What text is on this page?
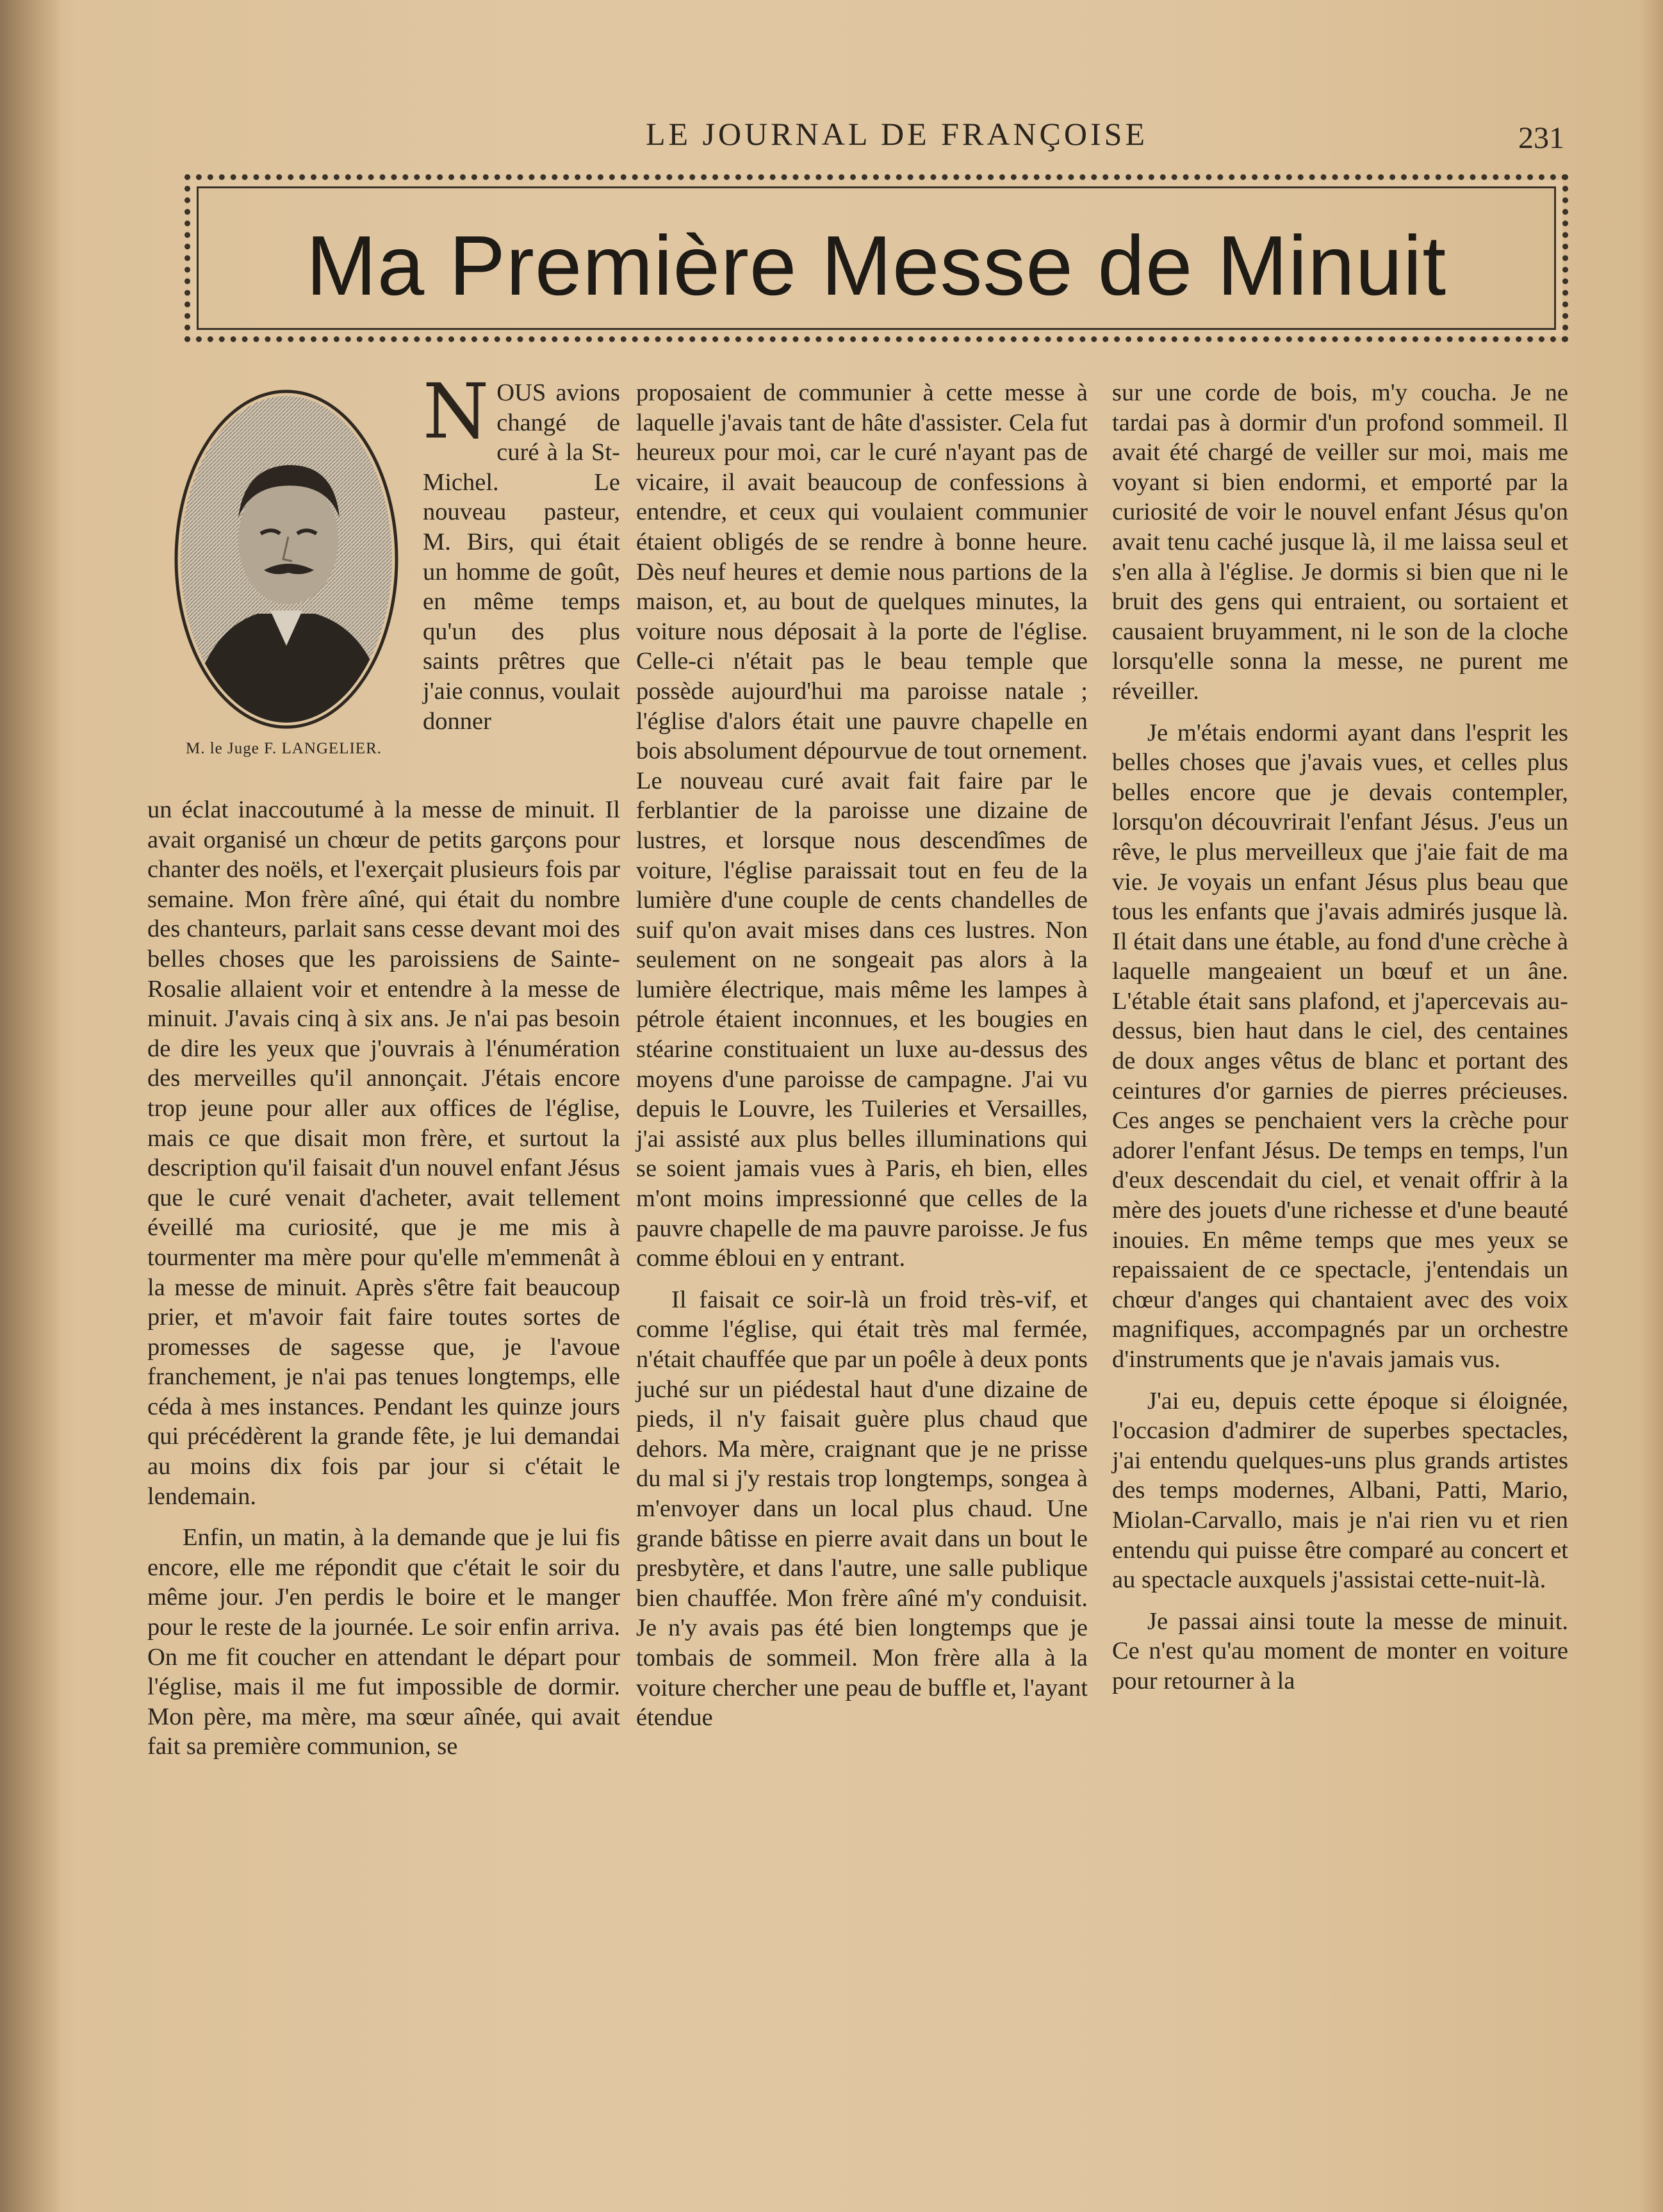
LE JOURNAL DE FRANÇOISE	231
Ma Première Messe de Minuit
M. le Juge F. LANGELIER.

NOUS avions changé de curé à la St-Michel. Le nouveau pasteur, M. Birs, qui était un homme de goût, en même temps qu'un des plus saints prêtres que j'aie connus, voulait donner

un éclat inaccoutumé à la messe de minuit. Il avait organisé un chœur de petits garçons pour chanter des noëls, et l'exerçait plusieurs fois par semaine. Mon frère aîné, qui était du nombre des chanteurs, parlait sans cesse devant moi des belles choses que les paroissiens de Sainte-Rosalie allaient voir et entendre à la messe de minuit. J'avais cinq à six ans. Je n'ai pas besoin de dire les yeux que j'ouvrais à l'énumération des merveilles qu'il annonçait. J'étais encore trop jeune pour aller aux offices de l'église, mais ce que disait mon frère, et surtout la description qu'il faisait d'un nouvel enfant Jésus que le curé venait d'acheter, avait tellement éveillé ma curiosité, que je me mis à tourmenter ma mère pour qu'elle m'emmenât à la messe de minuit. Après s'être fait beaucoup prier, et m'avoir fait faire toutes sortes de promesses de sagesse que, je l'avoue franchement, je n'ai pas tenues longtemps, elle céda à mes instances. Pendant les quinze jours qui précédèrent la grande fête, je lui demandai au moins dix fois par jour si c'était le lendemain.

Enfin, un matin, à la demande que je lui fis encore, elle me répondit que c'était le soir du même jour. J'en perdis le boire et le manger pour le reste de la journée. Le soir enfin arriva. On me fit coucher en attendant le départ pour l'église, mais il me fut impossible de dormir. Mon père, ma mère, ma sœur aînée, qui avait fait sa première communion, se

proposaient de communier à cette messe à laquelle j'avais tant de hâte d'assister. Cela fut heureux pour moi, car le curé n'ayant pas de vicaire, il avait beaucoup de confessions à entendre, et ceux qui voulaient communier étaient obligés de se rendre à bonne heure. Dès neuf heures et demie nous partions de la maison, et, au bout de quelques minutes, la voiture nous déposait à la porte de l'église. Celle-ci n'était pas le beau temple que possède aujourd'hui ma paroisse natale ; l'église d'alors était une pauvre chapelle en bois absolument dépourvue de tout ornement. Le nouveau curé avait fait faire par le ferblantier de la paroisse une dizaine de lustres, et lorsque nous descendîmes de voiture, l'église paraissait tout en feu de la lumière d'une couple de cents chandelles de suif qu'on avait mises dans ces lustres. Non seulement on ne songeait pas alors à la lumière électrique, mais même les lampes à pétrole étaient inconnues, et les bougies en stéarine constituaient un luxe au-dessus des moyens d'une paroisse de campagne. J'ai vu depuis le Louvre, les Tuileries et Versailles, j'ai assisté aux plus belles illuminations qui se soient jamais vues à Paris, eh bien, elles m'ont moins impressionné que celles de la pauvre chapelle de ma pauvre paroisse. Je fus comme ébloui en y entrant.

Il faisait ce soir-là un froid très-vif, et comme l'église, qui était très mal fermée, n'était chauffée que par un poêle à deux ponts juché sur un piédestal haut d'une dizaine de pieds, il n'y faisait guère plus chaud que dehors. Ma mère, craignant que je ne prisse du mal si j'y restais trop longtemps, songea à m'envoyer dans un local plus chaud. Une grande bâtisse en pierre avait dans un bout le presbytère, et dans l'autre, une salle publique bien chauffée. Mon frère aîné m'y conduisit. Je n'y avais pas été bien longtemps que je tombais de sommeil. Mon frère alla à la voiture chercher une peau de buffle et, l'ayant étendue

sur une corde de bois, m'y coucha. Je ne tardai pas à dormir d'un profond sommeil. Il avait été chargé de veiller sur moi, mais me voyant si bien endormi, et emporté par la curiosité de voir le nouvel enfant Jésus qu'on avait tenu caché jusque là, il me laissa seul et s'en alla à l'église. Je dormis si bien que ni le bruit des gens qui entraient, ou sortaient et causaient bruyamment, ni le son de la cloche lorsqu'elle sonna la messe, ne purent me réveiller.

Je m'étais endormi ayant dans l'esprit les belles choses que j'avais vues, et celles plus belles encore que je devais contempler, lorsqu'on découvrirait l'enfant Jésus. J'eus un rêve, le plus merveilleux que j'aie fait de ma vie. Je voyais un enfant Jésus plus beau que tous les enfants que j'avais admirés jusque là. Il était dans une étable, au fond d'une crèche à laquelle mangeaient un bœuf et un âne. L'étable était sans plafond, et j'apercevais au-dessus, bien haut dans le ciel, des centaines de doux anges vêtus de blanc et portant des ceintures d'or garnies de pierres précieuses. Ces anges se penchaient vers la crèche pour adorer l'enfant Jésus. De temps en temps, l'un d'eux descendait du ciel, et venait offrir à la mère des jouets d'une richesse et d'une beauté inouies. En même temps que mes yeux se repaissaient de ce spectacle, j'entendais un chœur d'anges qui chantaient avec des voix magnifiques, accompagnés par un orchestre d'instruments que je n'avais jamais vus.

J'ai eu, depuis cette époque si éloignée, l'occasion d'admirer de superbes spectacles, j'ai entendu quelques-uns plus grands artistes des temps modernes, Albani, Patti, Mario, Miolan-Carvallo, mais je n'ai rien vu et rien entendu qui puisse être comparé au concert et au spectacle auxquels j'assistai cette-nuit-là.

Je passai ainsi toute la messe de minuit. Ce n'est qu'au moment de monter en voiture pour retourner à la
